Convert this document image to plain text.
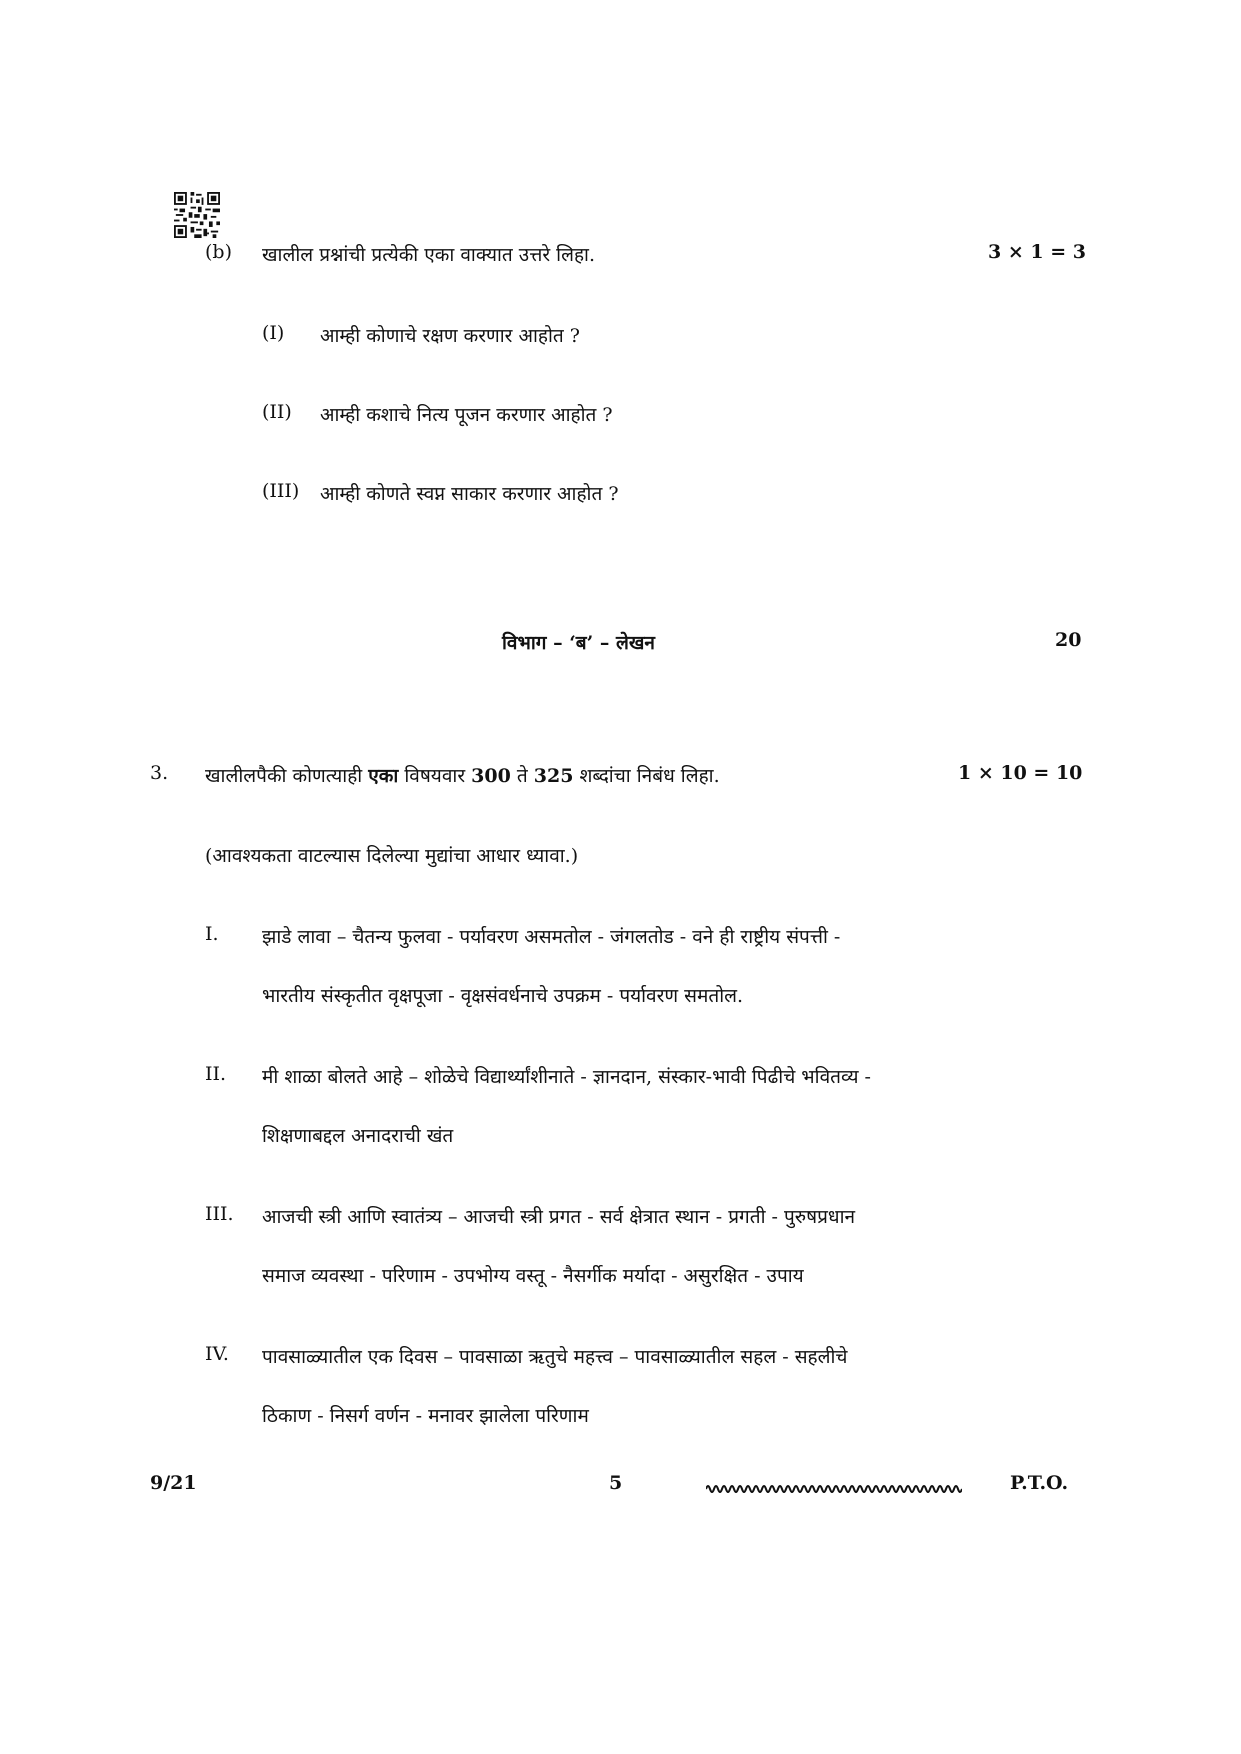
(b) खालील प्रश्नांची प्रत्येकी एका वाक्यात उत्तरे लिहा.	3 × 1 = 3
(I) आम्ही कोणाचे रक्षण करणार आहोत ?
(II) आम्ही कशाचे नित्य पूजन करणार आहोत ?
(III) आम्ही कोणते स्वप्न साकार करणार आहोत ?
विभाग – ‘ब’ – लेखन	20
3. खालीलपैकी कोणत्याही एका विषयवार 300 ते 325 शब्दांचा निबंध लिहा.	1 × 10 = 10
(आवश्यकता वाटल्यास दिलेल्या मुद्यांचा आधार ध्यावा.)
I. झाडे लावा – चैतन्य फुलवा - पर्यावरण असमतोल - जंगलतोड - वने ही राष्ट्रीय संपत्ती -
भारतीय संस्कृतीत वृक्षपूजा - वृक्षसंवर्धनाचे उपक्रम - पर्यावरण समतोल.
II. मी शाळा बोलते आहे – शोळेचे विद्यार्थ्यांशीनाते - ज्ञानदान, संस्कार-भावी पिढीचे भवितव्य -
शिक्षणाबद्दल अनादराची खंत
III. आजची स्त्री आणि स्वातंत्र्य – आजची स्त्री प्रगत - सर्व क्षेत्रात स्थान - प्रगती - पुरुषप्रधान
समाज व्यवस्था - परिणाम - उपभोग्य वस्तू - नैसर्गीक मर्यादा - असुरक्षित - उपाय
IV. पावसाळ्यातील एक दिवस – पावसाळा ऋतुचे महत्त्व – पावसाळ्यातील सहल - सहलीचे
ठिकाण - निसर्ग वर्णन - मनावर झालेला परिणाम
9/21	5	P.T.O.
